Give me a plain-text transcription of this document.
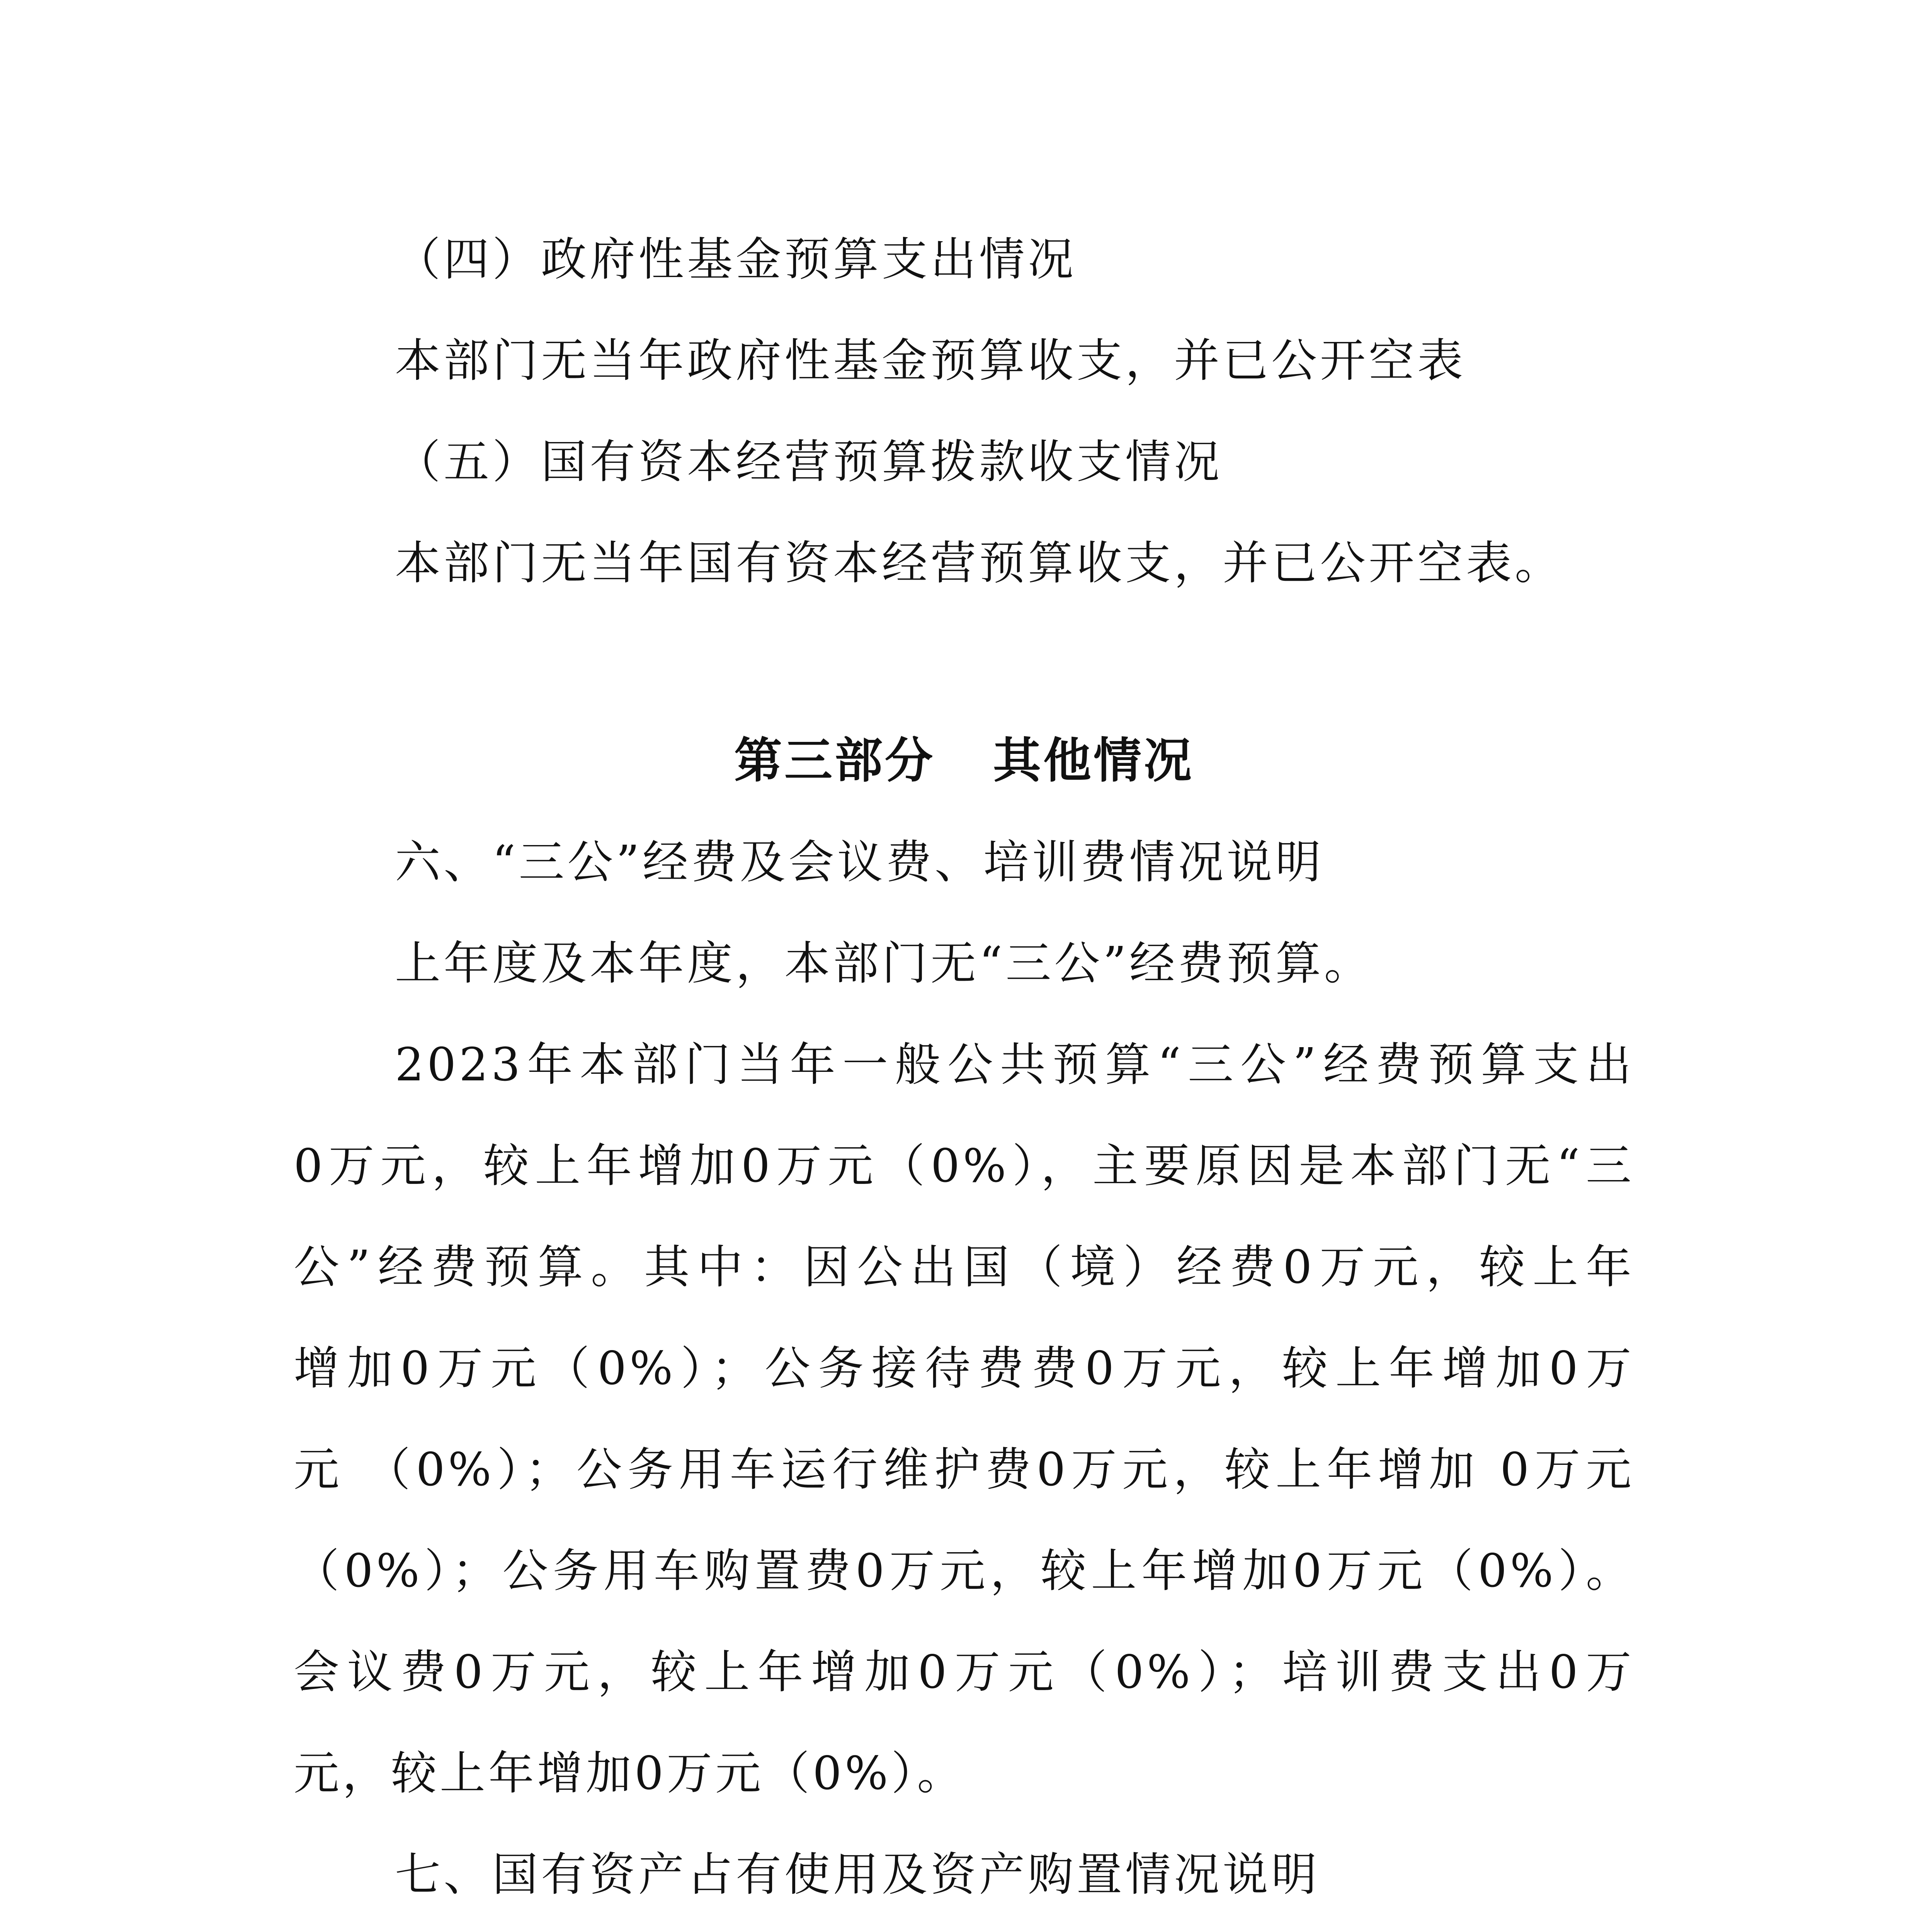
（四）政府性基金预算支出情况
本部门无当年政府性基金预算收支，并已公开空表
（五）国有资本经营预算拨款收支情况
本部门无当年国有资本经营预算收支，并已公开空表。
第三部分 其他情况
六、“三公”经费及会议费、培训费情况说明
上年度及本年度，本部门无“三公”经费预算。
2023年本部门当年一般公共预算“三公”经费预算支出
0万元，较上年增加0万元（0%），主要原因是本部门无“三
公”经费预算。其中：因公出国（境）经费0万元，较上年
增加0万元（0%）；公务接待费费0万元，较上年增加0万
元 （0%）；公务用车运行维护费0万元，较上年增加 0万元
（0%）；公务用车购置费0万元，较上年增加0万元（0%）。
会议费0万元，较上年增加0万元（0%）；培训费支出0万
元，较上年增加0万元（0%）。
七、国有资产占有使用及资产购置情况说明
